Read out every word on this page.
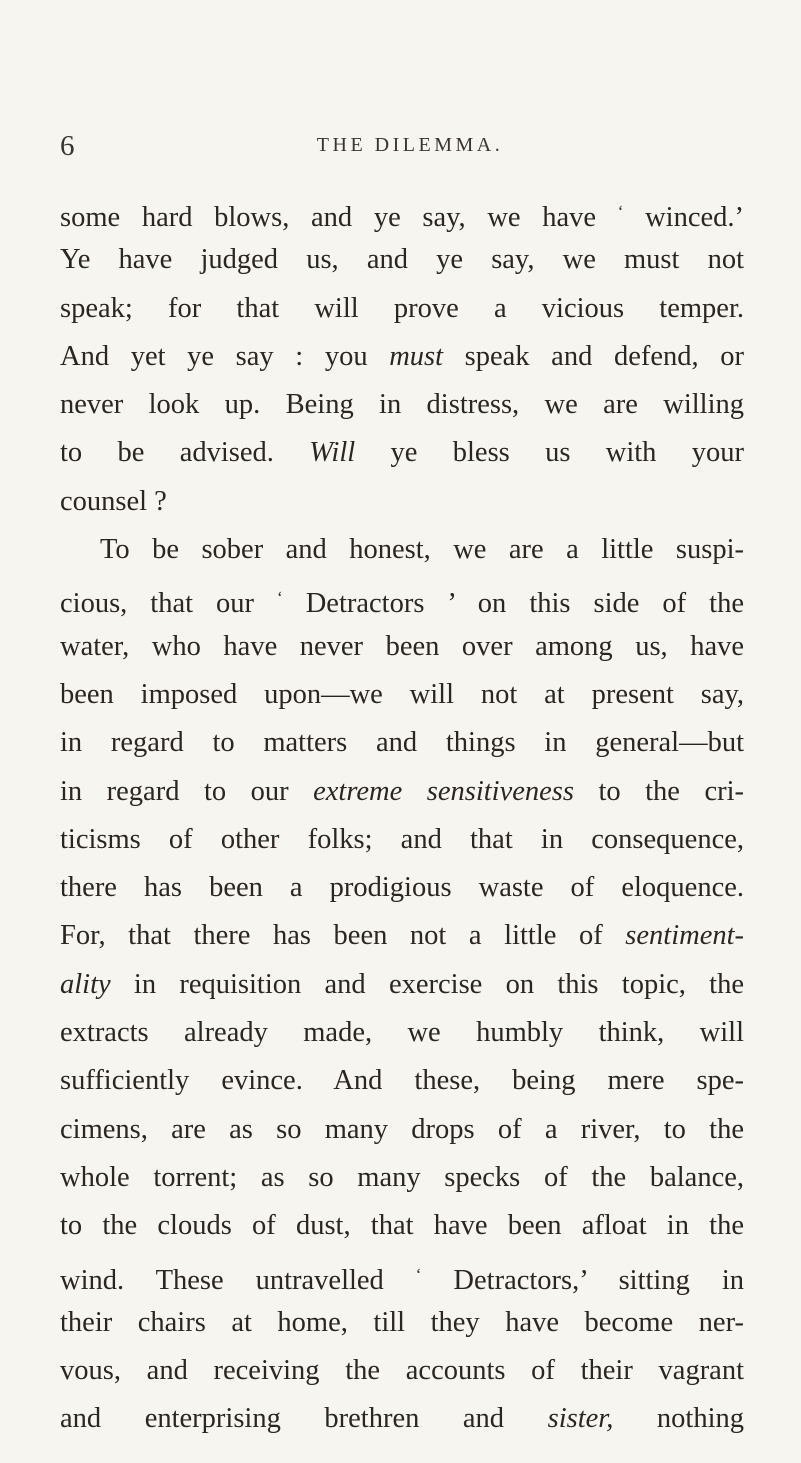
6	THE DILEMMA.
some hard blows, and ye say, we have ‘ winced.’
Ye have judged us, and ye say, we must not
speak; for that will prove a vicious temper.
And yet ye say : you must speak and defend, or
never look up. Being in distress, we are willing
to be advised. Will ye bless us with your
counsel ?
To be sober and honest, we are a little suspi-
cious, that our ‘ Detractors ’ on this side of the
water, who have never been over among us, have
been imposed upon—we will not at present say,
in regard to matters and things in general—but
in regard to our extreme sensitiveness to the cri-
ticisms of other folks; and that in consequence,
there has been a prodigious waste of eloquence.
For, that there has been not a little of sentiment-
ality in requisition and exercise on this topic, the
extracts already made, we humbly think, will
sufficiently evince. And these, being mere spe-
cimens, are as so many drops of a river, to the
whole torrent; as so many specks of the balance,
to the clouds of dust, that have been afloat in the
wind. These untravelled ‘ Detractors,’ sitting in
their chairs at home, till they have become ner-
vous, and receiving the accounts of their vagrant
and enterprising brethren and sister, nothing
